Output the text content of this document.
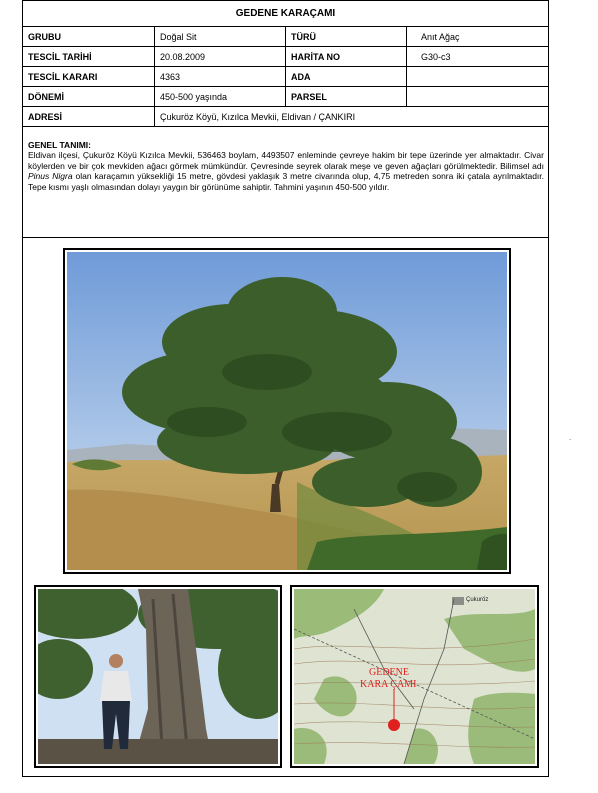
GEDENE KARAÇAMI
GRUBU	Doğal Sit	TÜRÜ	Anıt Ağaç
TESCİL TARİHİ	20.08.2009	HARİTA NO	G30-c3
TESCİL KARARI	4363	ADA
DÖNEMİ	450-500 yaşında	PARSEL
ADRESİ	Çukuröz Köyü, Kızılca Mevkii, Eldivan / ÇANKIRI
GENEL TANIMI:
Eldivan ilçesi, Çukuröz Köyü Kızılca Mevkii, 536463 boylam, 4493507 enleminde çevreye hakim bir tepe üzerinde yer almaktadır. Civar köylerden ve bir çok mevkiden ağacı görmek mümkündür. Çevresinde seyrek olarak meşe ve geven ağaçları görülmektedir. Bilimsel adı Pinus Nigra olan karaçamın yüksekliği 15 metre, gövdesi yaklaşık 3 metre civarında olup, 4,75 metreden sonra iki çatala ayrılmaktadır. Tepe kısmı yaşlı olmasından dolayı yaygın bir görünüme sahiptir. Tahmini yaşının 450-500 yıldır.
Çukuröz
GEDENE
KARA ÇAMI
.
